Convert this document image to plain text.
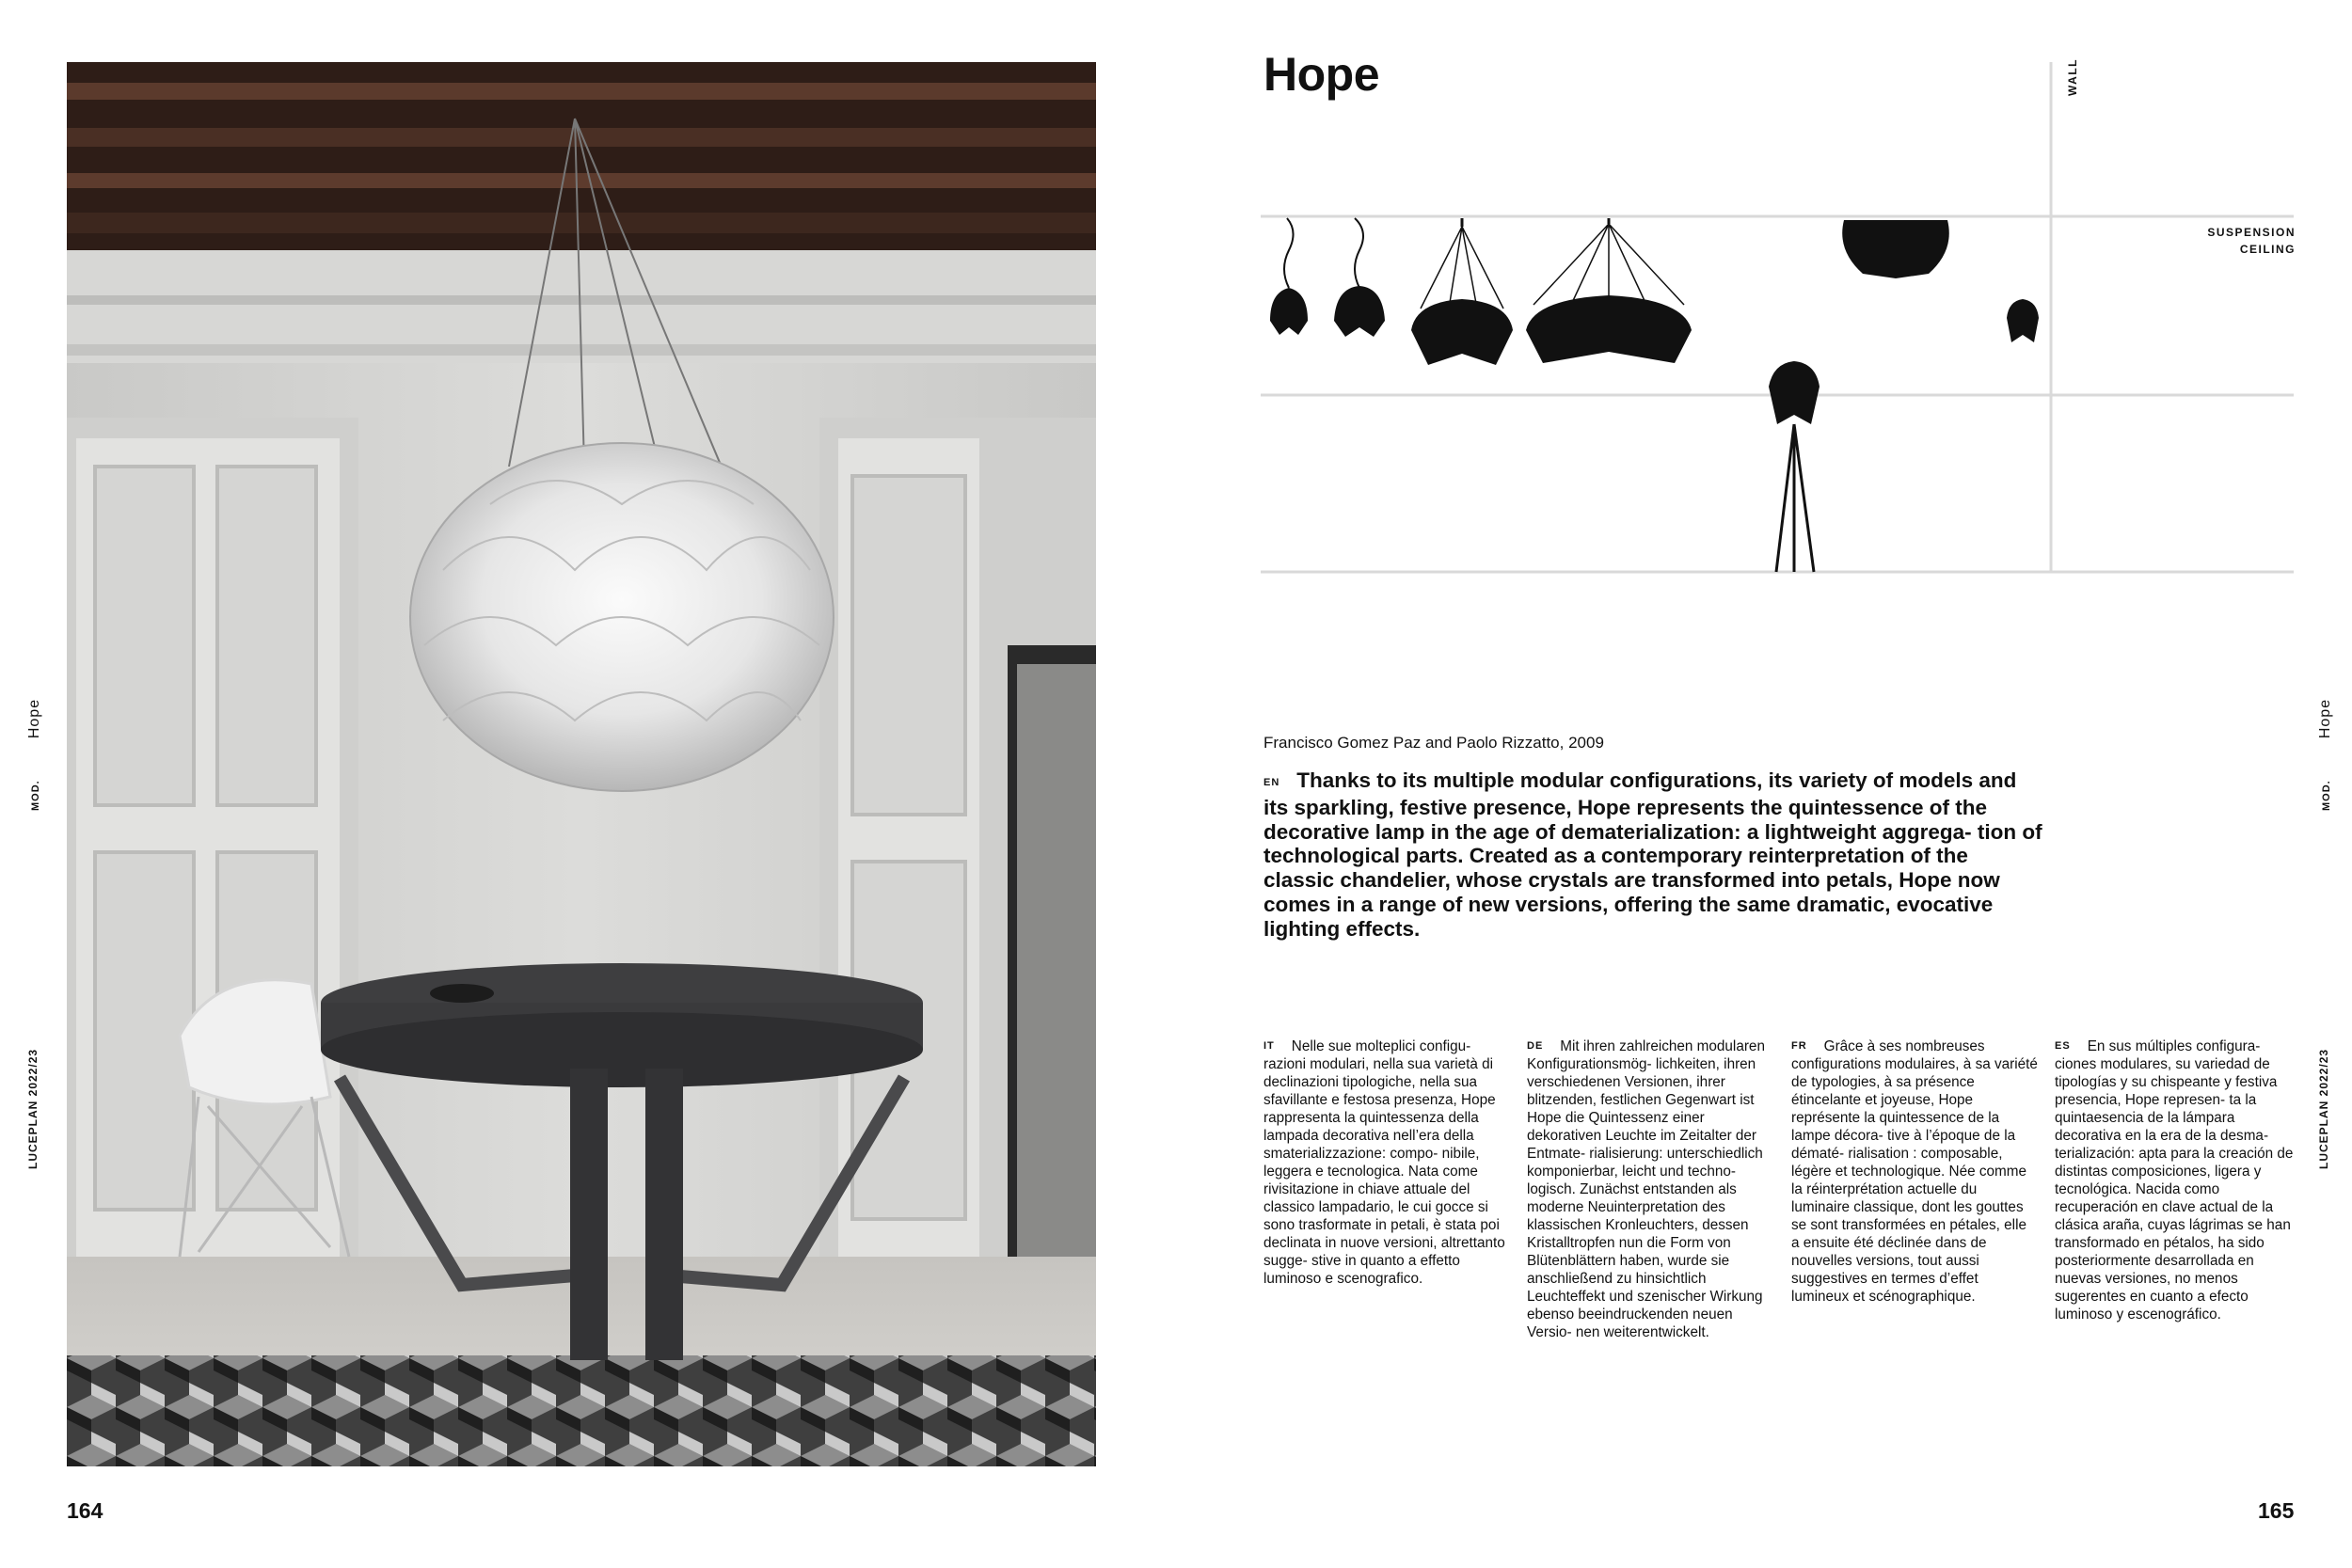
MOD.  Hope
LUCEPLAN 2022/23
164
Hope	WALL
SUSPENSION
CEILING
Francisco Gomez Paz and Paolo Rizzatto, 2009
EN Thanks to its multiple modular configurations, its variety of models and its sparkling, festive presence, Hope represents the quintessence of the decorative lamp in the age of dematerialization: a lightweight aggrega- tion of technological parts. Created as a contemporary reinterpretation of the classic chandelier, whose crystals are transformed into petals, Hope now comes in a range of new versions, offering the same dramatic, evocative lighting effects.
IT Nelle sue molteplici configu- razioni modulari, nella sua varietà di declinazioni tipologiche, nella sua sfavillante e festosa presenza, Hope rappresenta la quintessenza della lampada decorativa nell’era della smaterializzazione: compo- nibile, leggera e tecnologica. Nata come rivisitazione in chiave attuale del classico lampadario, le cui gocce si sono trasformate in petali, è stata poi declinata in nuove versioni, altrettanto sugge- stive in quanto a effetto luminoso e scenografico.
DE Mit ihren zahlreichen modularen Konfigurationsmög- lichkeiten, ihren verschiedenen Versionen, ihrer blitzenden, festlichen Gegenwart ist Hope die Quintessenz einer dekorativen Leuchte im Zeitalter der Entmate- rialisierung: unterschiedlich komponierbar, leicht und techno- logisch. Zunächst entstanden als moderne Neuinterpretation des klassischen Kronleuchters, dessen Kristalltropfen nun die Form von Blütenblättern haben, wurde sie anschließend zu hinsichtlich Leuchteffekt und szenischer Wirkung ebenso beeindruckenden neuen Versio- nen weiterentwickelt.
FR Grâce à ses nombreuses configurations modulaires, à sa variété de typologies, à sa présence étincelante et joyeuse, Hope représente la quintessence de la lampe décora- tive à l’époque de la dématé- rialisation : composable, légère et technologique. Née comme la réinterprétation actuelle du luminaire classique, dont les gouttes se sont transformées en pétales, elle a ensuite été déclinée dans de nouvelles versions, tout aussi suggestives en termes d’effet lumineux et scénographique.
ES En sus múltiples configura- ciones modulares, su variedad de tipologías y su chispeante y festiva presencia, Hope represen- ta la quintaesencia de la lámpara decorativa en la era de la desma- terialización: apta para la creación de distintas composiciones, ligera y tecnológica. Nacida como recuperación en clave actual de la clásica araña, cuyas lágrimas se han transformado en pétalos, ha sido posteriormente desarrollada en nuevas versiones, no menos sugerentes en cuanto a efecto luminoso y escenográfico.
MOD.  Hope
LUCEPLAN 2022/23
165
